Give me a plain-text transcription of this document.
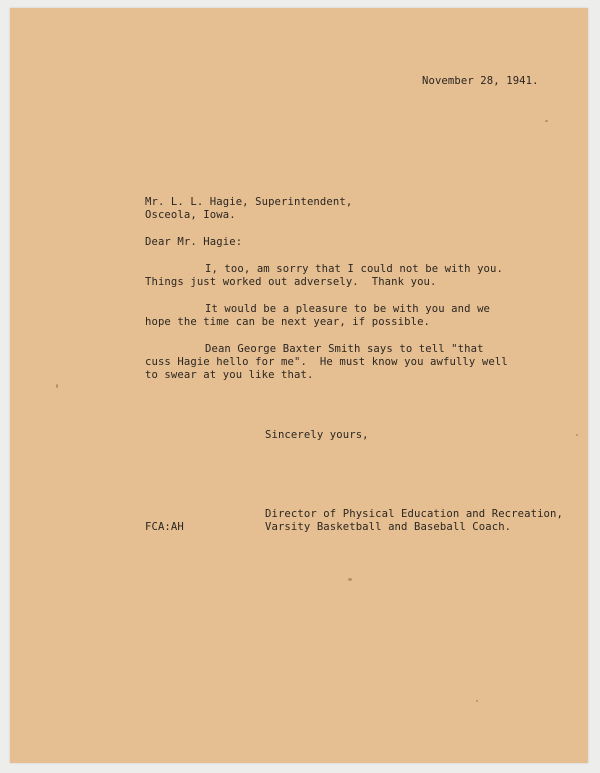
November 28, 1941.
Mr. L. L. Hagie, Superintendent,
Osceola, Iowa.
Dear Mr. Hagie:
I, too, am sorry that I could not be with you.
Things just worked out adversely.  Thank you.
It would be a pleasure to be with you and we
hope the time can be next year, if possible.
Dean George Baxter Smith says to tell "that
cuss Hagie hello for me".  He must know you awfully well
to swear at you like that.
Sincerely yours,
Director of Physical Education and Recreation,
Varsity Basketball and Baseball Coach.
FCA:AH
